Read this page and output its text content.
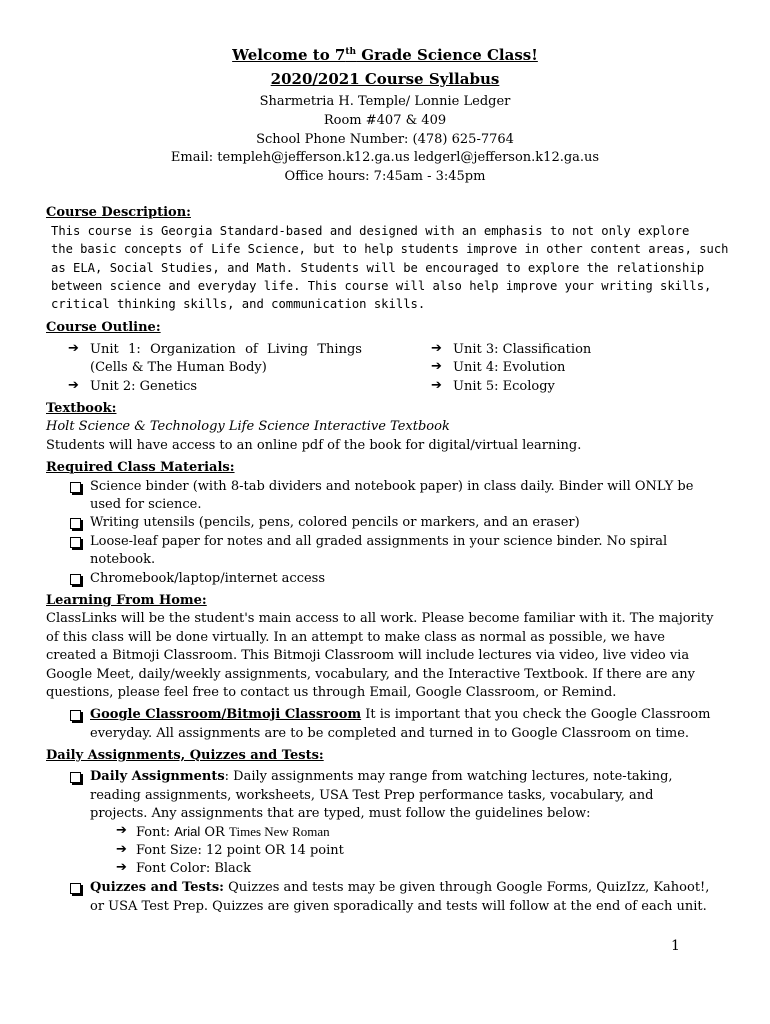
Welcome to 7th Grade Science Class!
2020/2021 Course Syllabus
Sharmetria H. Temple/ Lonnie Ledger
Room #407 & 409
School Phone Number: (478) 625-7764
Email: templeh@jefferson.k12.ga.us ledgerl@jefferson.k12.ga.us
Office hours: 7:45am - 3:45pm
Course Description:
This course is Georgia Standard-based and designed with an emphasis to not only explore
the basic concepts of Life Science, but to help students improve in other content areas, such
as ELA, Social Studies, and Math. Students will be encouraged to explore the relationship
between science and everyday life. This course will also help improve your writing skills,
critical thinking skills, and communication skills.
Course Outline:
➔ Unit 1: Organization of Living Things
(Cells & The Human Body)
➔ Unit 2: Genetics
➔ Unit 3: Classification
➔ Unit 4: Evolution
➔ Unit 5: Ecology
Textbook:
Holt Science & Technology Life Science Interactive Textbook
Students will have access to an online pdf of the book for digital/virtual learning.
Required Class Materials:
Science binder (with 8-tab dividers and notebook paper) in class daily. Binder will ONLY be
used for science.
Writing utensils (pencils, pens, colored pencils or markers, and an eraser)
Loose-leaf paper for notes and all graded assignments in your science binder. No spiral
notebook.
Chromebook/laptop/internet access
Learning From Home:
ClassLinks will be the student's main access to all work. Please become familiar with it. The majority
of this class will be done virtually. In an attempt to make class as normal as possible, we have
created a Bitmoji Classroom. This Bitmoji Classroom will include lectures via video, live video via
Google Meet, daily/weekly assignments, vocabulary, and the Interactive Textbook. If there are any
questions, please feel free to contact us through Email, Google Classroom, or Remind.
Google Classroom/Bitmoji Classroom It is important that you check the Google Classroom
everyday. All assignments are to be completed and turned in to Google Classroom on time.
Daily Assignments, Quizzes and Tests:
Daily Assignments: Daily assignments may range from watching lectures, note-taking,
reading assignments, worksheets, USA Test Prep performance tasks, vocabulary, and
projects. Any assignments that are typed, must follow the guidelines below:
➔ Font: Arial OR Times New Roman
➔ Font Size: 12 point OR 14 point
➔ Font Color: Black
Quizzes and Tests: Quizzes and tests may be given through Google Forms, QuizIzz, Kahoot!,
or USA Test Prep. Quizzes are given sporadically and tests will follow at the end of each unit.
1
